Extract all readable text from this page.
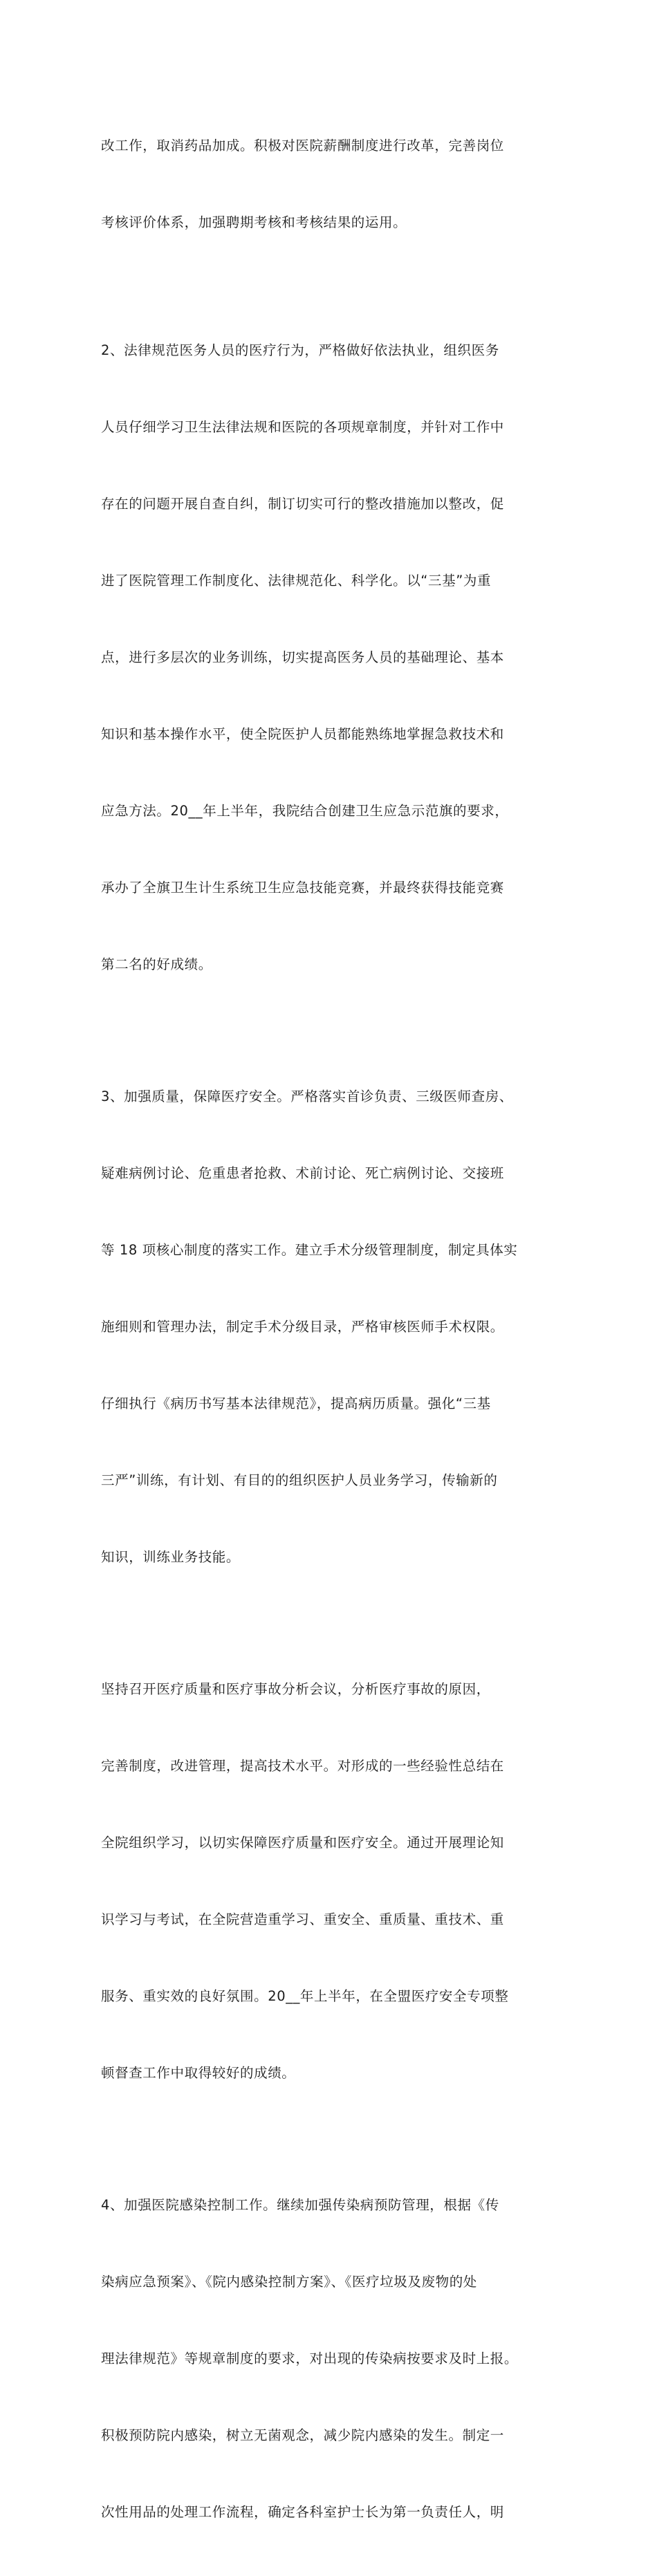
改工作，取消药品加成。积极对医院薪酬制度进行改革，完善岗位

考核评价体系，加强聘期考核和考核结果的运用。

2、法律规范医务人员的医疗行为，严格做好依法执业，组织医务

人员仔细学习卫生法律法规和医院的各项规章制度，并针对工作中

存在的问题开展自查自纠，制订切实可行的整改措施加以整改，促

进了医院管理工作制度化、法律规范化、科学化。以“三基”为重

点，进行多层次的业务训练，切实提高医务人员的基础理论、基本

知识和基本操作水平，使全院医护人员都能熟练地掌握急救技术和

应急方法。20__年上半年，我院结合创建卫生应急示范旗的要求，

承办了全旗卫生计生系统卫生应急技能竞赛，并最终获得技能竞赛

第二名的好成绩。

3、加强质量，保障医疗安全。严格落实首诊负责、三级医师查房、

疑难病例讨论、危重患者抢救、术前讨论、死亡病例讨论、交接班

等 18 项核心制度的落实工作。建立手术分级管理制度，制定具体实

施细则和管理办法，制定手术分级目录，严格审核医师手术权限。

仔细执行《病历书写基本法律规范》，提高病历质量。强化“三基

三严”训练，有计划、有目的的组织医护人员业务学习，传输新的

知识，训练业务技能。

坚持召开医疗质量和医疗事故分析会议，分析医疗事故的原因，

完善制度，改进管理，提高技术水平。对形成的一些经验性总结在

全院组织学习，以切实保障医疗质量和医疗安全。通过开展理论知

识学习与考试，在全院营造重学习、重安全、重质量、重技术、重

服务、重实效的良好氛围。20__年上半年，在全盟医疗安全专项整

顿督查工作中取得较好的成绩。

4、加强医院感染控制工作。继续加强传染病预防管理，根据《传

染病应急预案》、《院内感染控制方案》、《医疗垃圾及废物的处

理法律规范》等规章制度的要求，对出现的传染病按要求及时上报。

积极预防院内感染，树立无菌观念，减少院内感染的发生。制定一

次性用品的处理工作流程，确定各科室护士长为第一负责任人，明
